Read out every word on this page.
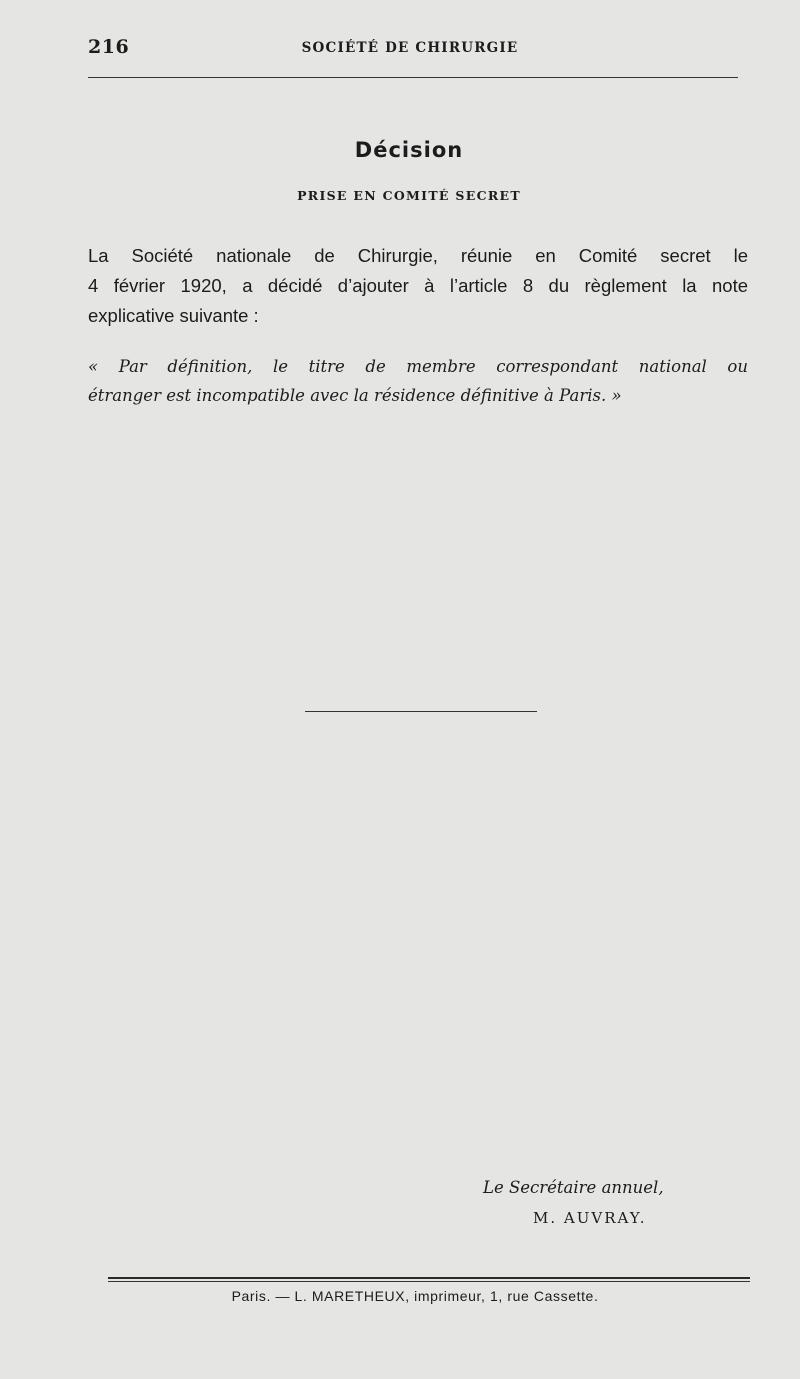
216	SOCIÉTÉ DE CHIRURGIE
Décision
PRISE EN COMITÉ SECRET
La Société nationale de Chirurgie, réunie en Comité secret le
4 février 1920, a décidé d’ajouter à l’article 8 du règlement la note
explicative suivante :
« Par définition, le titre de membre correspondant national ou
étranger est incompatible avec la résidence définitive à Paris. »
Le Secrétaire annuel,
M. AUVRAY.
Paris. — L. MARETHEUX, imprimeur, 1, rue Cassette.
